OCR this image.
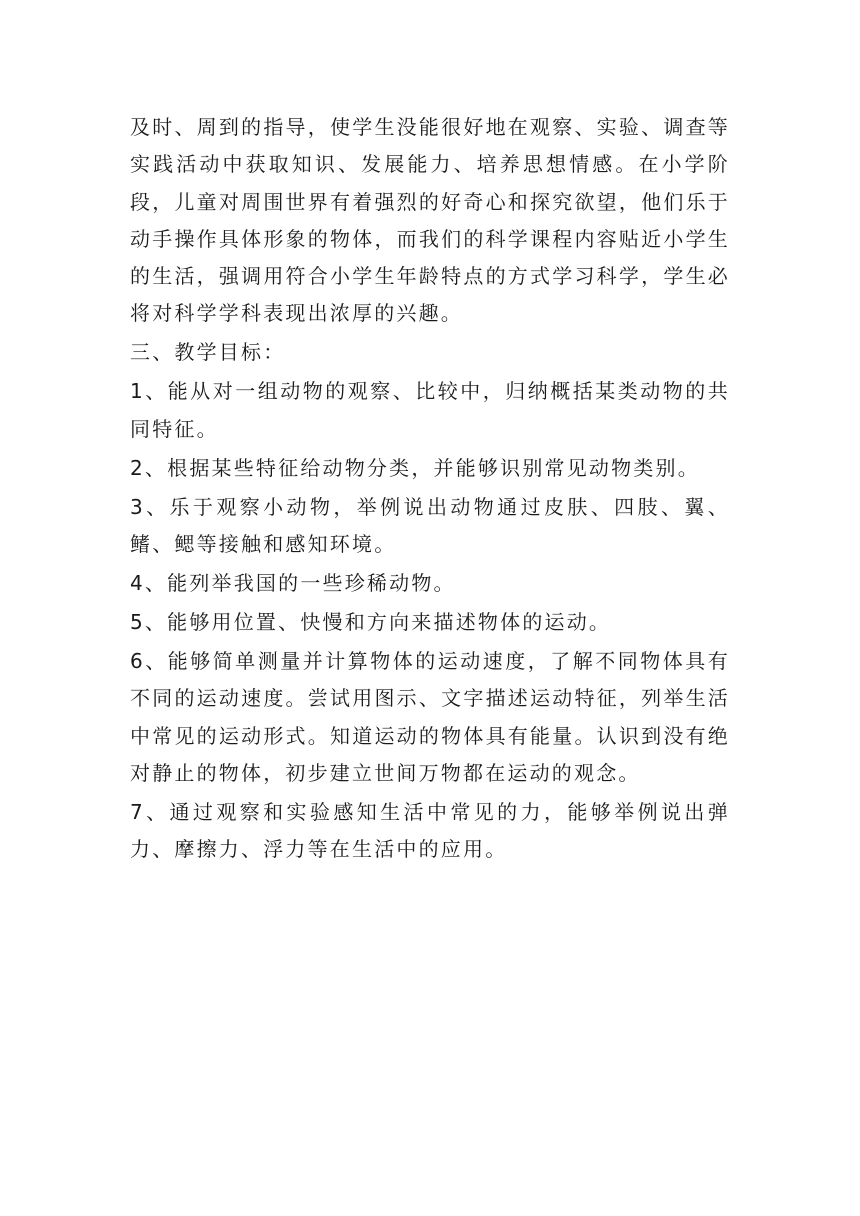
及时、周到的指导，使学生没能很好地在观察、实验、调查等实践活动中获取知识、发展能力、培养思想情感。在小学阶段，儿童对周围世界有着强烈的好奇心和探究欲望，他们乐于动手操作具体形象的物体，而我们的科学课程内容贴近小学生的生活，强调用符合小学生年龄特点的方式学习科学，学生必将对科学学科表现出浓厚的兴趣。

三、教学目标：

1、能从对一组动物的观察、比较中，归纳概括某类动物的共同特征。

2、根据某些特征给动物分类，并能够识别常见动物类别。

3、乐于观察小动物，举例说出动物通过皮肤、四肢、翼、鳍、鳃等接触和感知环境。

4、能列举我国的一些珍稀动物。

5、能够用位置、快慢和方向来描述物体的运动。

6、能够简单测量并计算物体的运动速度，了解不同物体具有不同的运动速度。尝试用图示、文字描述运动特征，列举生活中常见的运动形式。知道运动的物体具有能量。认识到没有绝对静止的物体，初步建立世间万物都在运动的观念。

7、通过观察和实验感知生活中常见的力，能够举例说出弹力、摩擦力、浮力等在生活中的应用。
